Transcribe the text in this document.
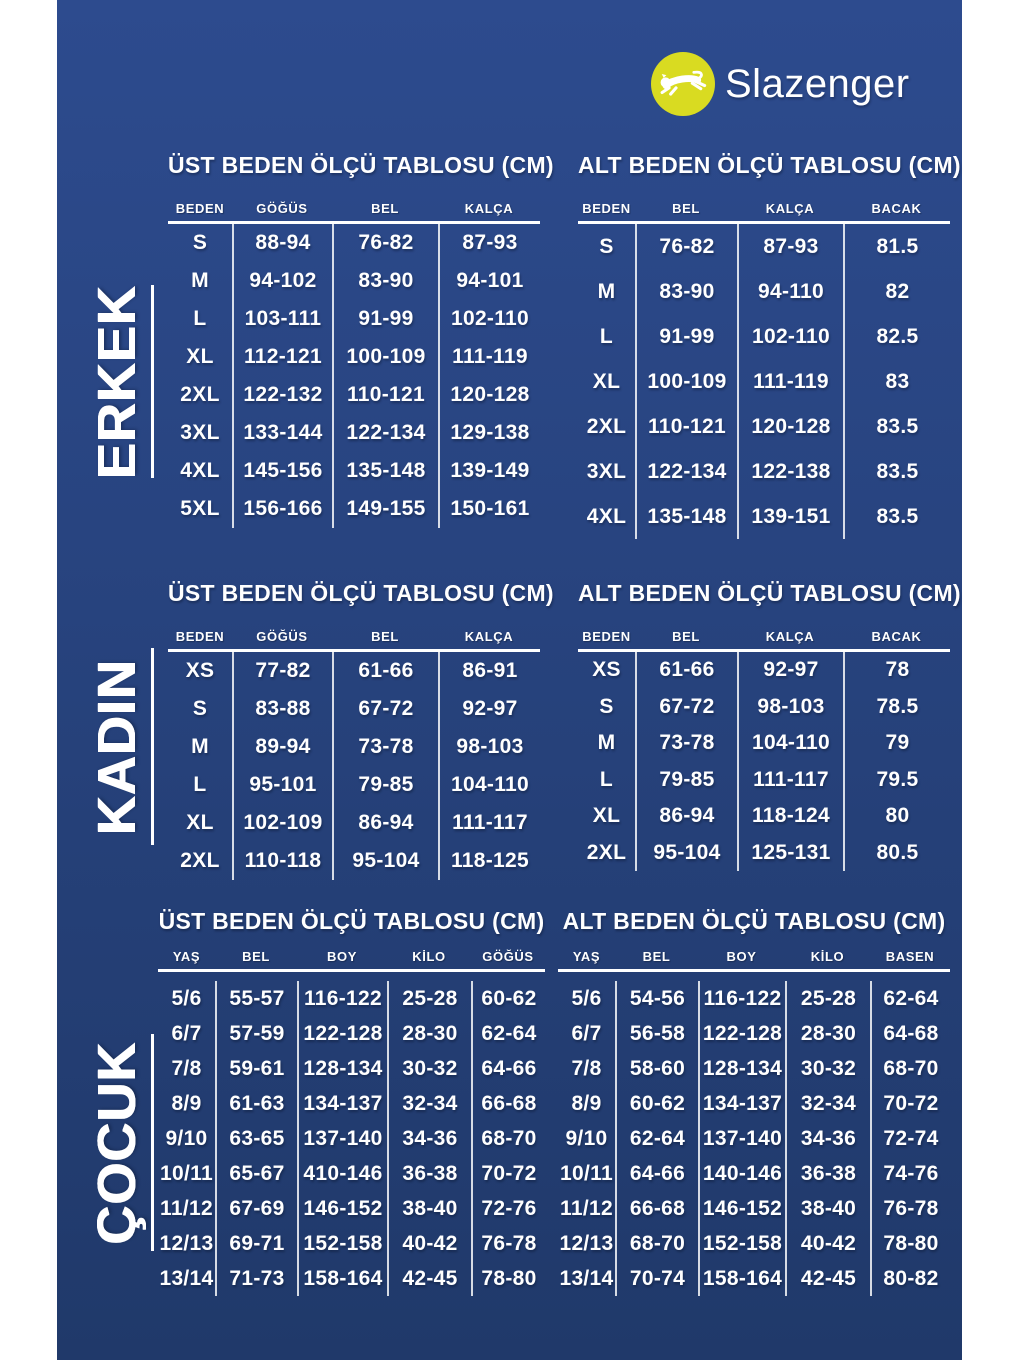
Slazenger
ÜST BEDEN ÖLÇÜ TABLOSU (CM)
BEDEN	GÖĞÜS	BEL	KALÇA
S	88-94	76-82	87-93
M	94-102	83-90	94-101
L	103-111	91-99	102-110
XL	112-121	100-109	111-119
2XL	122-132	110-121	120-128
3XL	133-144	122-134	129-138
4XL	145-156	135-148	139-149
5XL	156-166	149-155	150-161
ALT BEDEN ÖLÇÜ TABLOSU (CM)
BEDEN	BEL	KALÇA	BACAK
S	76-82	87-93	81.5
M	83-90	94-110	82
L	91-99	102-110	82.5
XL	100-109	111-119	83
2XL	110-121	120-128	83.5
3XL	122-134	122-138	83.5
4XL	135-148	139-151	83.5
ERKEK
ÜST BEDEN ÖLÇÜ TABLOSU (CM)
BEDEN	GÖĞÜS	BEL	KALÇA
XS	77-82	61-66	86-91
S	83-88	67-72	92-97
M	89-94	73-78	98-103
L	95-101	79-85	104-110
XL	102-109	86-94	111-117
2XL	110-118	95-104	118-125
ALT BEDEN ÖLÇÜ TABLOSU (CM)
BEDEN	BEL	KALÇA	BACAK
XS	61-66	92-97	78
S	67-72	98-103	78.5
M	73-78	104-110	79
L	79-85	111-117	79.5
XL	86-94	118-124	80
2XL	95-104	125-131	80.5
KADIN
ÜST BEDEN ÖLÇÜ TABLOSU (CM)
YAŞ	BEL	BOY	KİLO	GÖĞÜS
5/6	55-57 116-122 25-28	60-62
6/7	57-59 122-128 28-30	62-64
7/8	59-61 128-134 30-32	64-66
8/9	61-63 134-137 32-34	66-68
9/10	63-65 137-140 34-36	68-70
10/11 65-67 410-146 36-38	70-72
11/12 67-69 146-152 38-40	72-76
12/13 69-71 152-158 40-42	76-78
13/14 71-73 158-164 42-45	78-80
ALT BEDEN ÖLÇÜ TABLOSU (CM)
YAŞ	BEL	BOY	KİLO	BASEN
5/6	54-56 116-122 25-28	62-64
6/7	56-58 122-128 28-30	64-68
7/8	58-60 128-134 30-32	68-70
8/9	60-62 134-137 32-34	70-72
9/10	62-64 137-140 34-36	72-74
10/11 64-66 140-146 36-38	74-76
11/12 66-68 146-152 38-40	76-78
12/13 68-70 152-158 40-42	78-80
13/14 70-74 158-164 42-45	80-82
ÇOCUK
